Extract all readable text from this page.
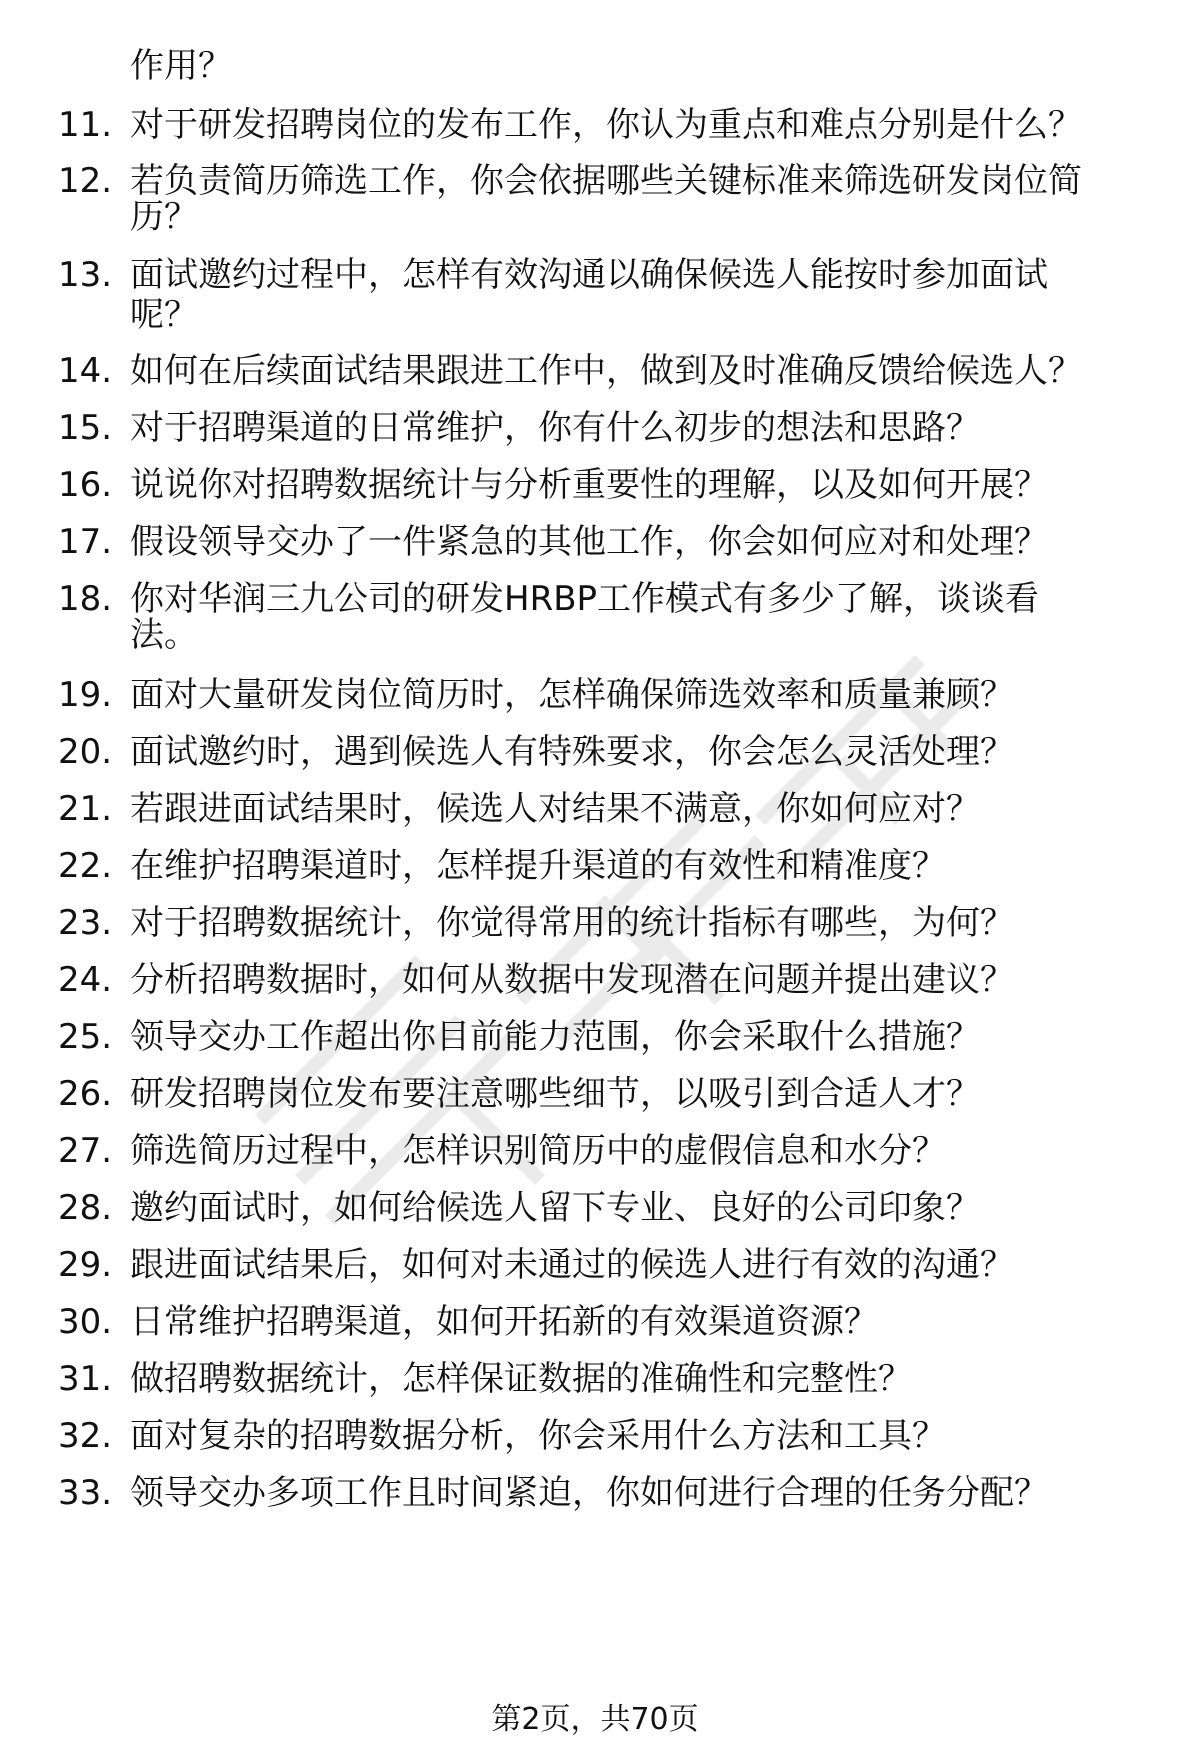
作用？
11. 对于研发招聘岗位的发布工作，你认为重点和难点分别是什么？
12. 若负责简历筛选工作，你会依据哪些关键标准来筛选研发岗位简
历？
13. 面试邀约过程中，怎样有效沟通以确保候选人能按时参加面试
呢？
14. 如何在后续面试结果跟进工作中，做到及时准确反馈给候选人？
15. 对于招聘渠道的日常维护，你有什么初步的想法和思路？
16. 说说你对招聘数据统计与分析重要性的理解，以及如何开展？
17. 假设领导交办了一件紧急的其他工作，你会如何应对和处理？
18. 你对华润三九公司的研发HRBP工作模式有多少了解，谈谈看
法。
19. 面对大量研发岗位简历时，怎样确保筛选效率和质量兼顾？
20. 面试邀约时，遇到候选人有特殊要求，你会怎么灵活处理？
21. 若跟进面试结果时，候选人对结果不满意，你如何应对？
22. 在维护招聘渠道时，怎样提升渠道的有效性和精准度？
23. 对于招聘数据统计，你觉得常用的统计指标有哪些，为何？
24. 分析招聘数据时，如何从数据中发现潜在问题并提出建议？
25. 领导交办工作超出你目前能力范围，你会采取什么措施？
26. 研发招聘岗位发布要注意哪些细节，以吸引到合适人才？
27. 筛选简历过程中，怎样识别简历中的虚假信息和水分？
28. 邀约面试时，如何给候选人留下专业、良好的公司印象？
29. 跟进面试结果后，如何对未通过的候选人进行有效的沟通？
30. 日常维护招聘渠道，如何开拓新的有效渠道资源？
31. 做招聘数据统计，怎样保证数据的准确性和完整性？
32. 面对复杂的招聘数据分析，你会采用什么方法和工具？
33. 领导交办多项工作且时间紧迫，你如何进行合理的任务分配？
第2页，共70页
